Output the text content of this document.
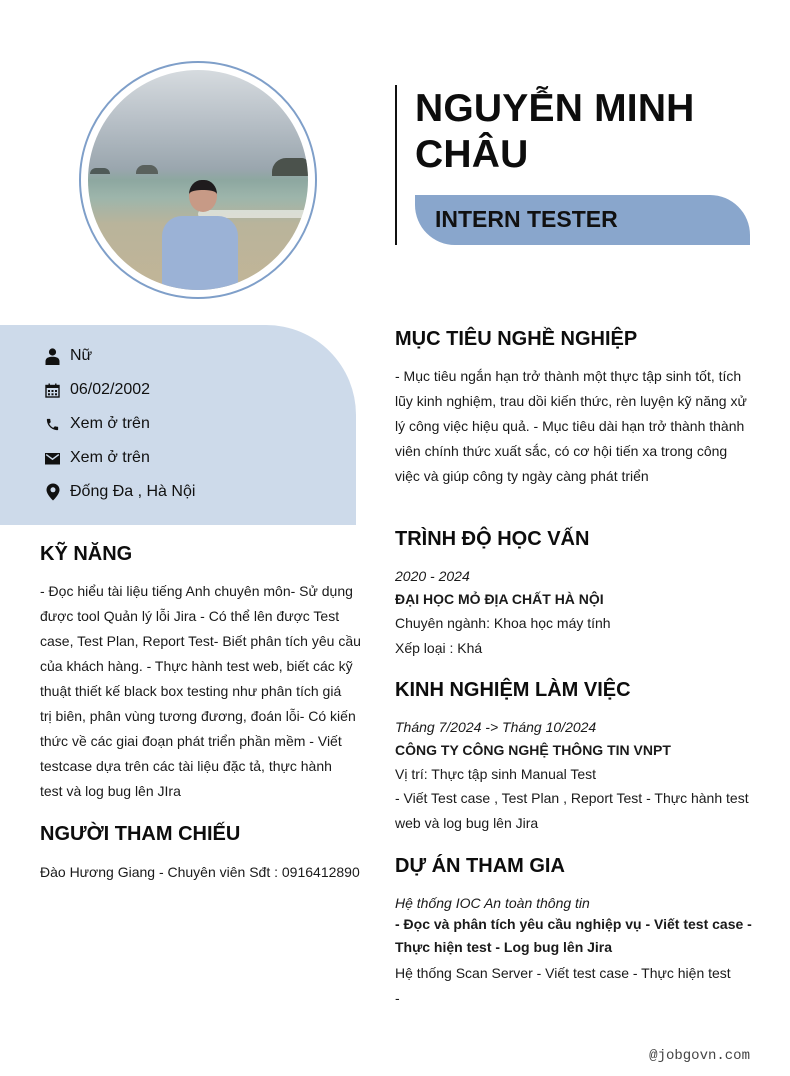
NGUYỄN MINH CHÂU
INTERN TESTER
Nữ
06/02/2002
Xem ở trên
Xem ở trên
Đống Đa , Hà Nội
KỸ NĂNG
- Đọc hiểu tài liệu tiếng Anh chuyên môn- Sử dụng
được tool Quản lý lỗi Jira - Có thể lên được Test
case, Test Plan, Report Test- Biết phân tích yêu cầu
của khách hàng. - Thực hành test web, biết các kỹ
thuật thiết kế black box testing như phân tích giá
trị biên, phân vùng tương đương, đoán lỗi- Có kiến
thức về các giai đoạn phát triển phần mềm - Viết
testcase dựa trên các tài liệu đặc tả, thực hành
test và log bug lên JIra
NGƯỜI THAM CHIẾU
Đào Hương Giang - Chuyên viên Sđt : 0916412890
MỤC TIÊU NGHỀ NGHIỆP
- Mục tiêu ngắn hạn trở thành một thực tập sinh tốt, tích
lũy kinh nghiệm, trau dồi kiến thức, rèn luyện kỹ năng xử
lý công việc hiệu quả. - Mục tiêu dài hạn trở thành thành
viên chính thức xuất sắc, có cơ hội tiến xa trong công
việc và giúp công ty ngày càng phát triển
TRÌNH ĐỘ HỌC VẤN
2020 - 2024
ĐẠI HỌC MỎ ĐỊA CHẤT HÀ NỘI
Chuyên ngành: Khoa học máy tính
Xếp loại : Khá
KINH NGHIỆM LÀM VIỆC
Tháng 7/2024 -> Tháng 10/2024
CÔNG TY CÔNG NGHỆ THÔNG TIN VNPT
Vị trí: Thực tập sinh Manual Test
- Viết Test case , Test Plan , Report Test - Thực hành test
web và log bug lên Jira
DỰ ÁN THAM GIA
Hệ thống IOC An toàn thông tin
- Đọc và phân tích yêu cầu nghiệp vụ - Viết test case -
Thực hiện test - Log bug lên Jira
Hệ thống Scan Server - Viết test case - Thực hiện test
-
@jobgovn.com
